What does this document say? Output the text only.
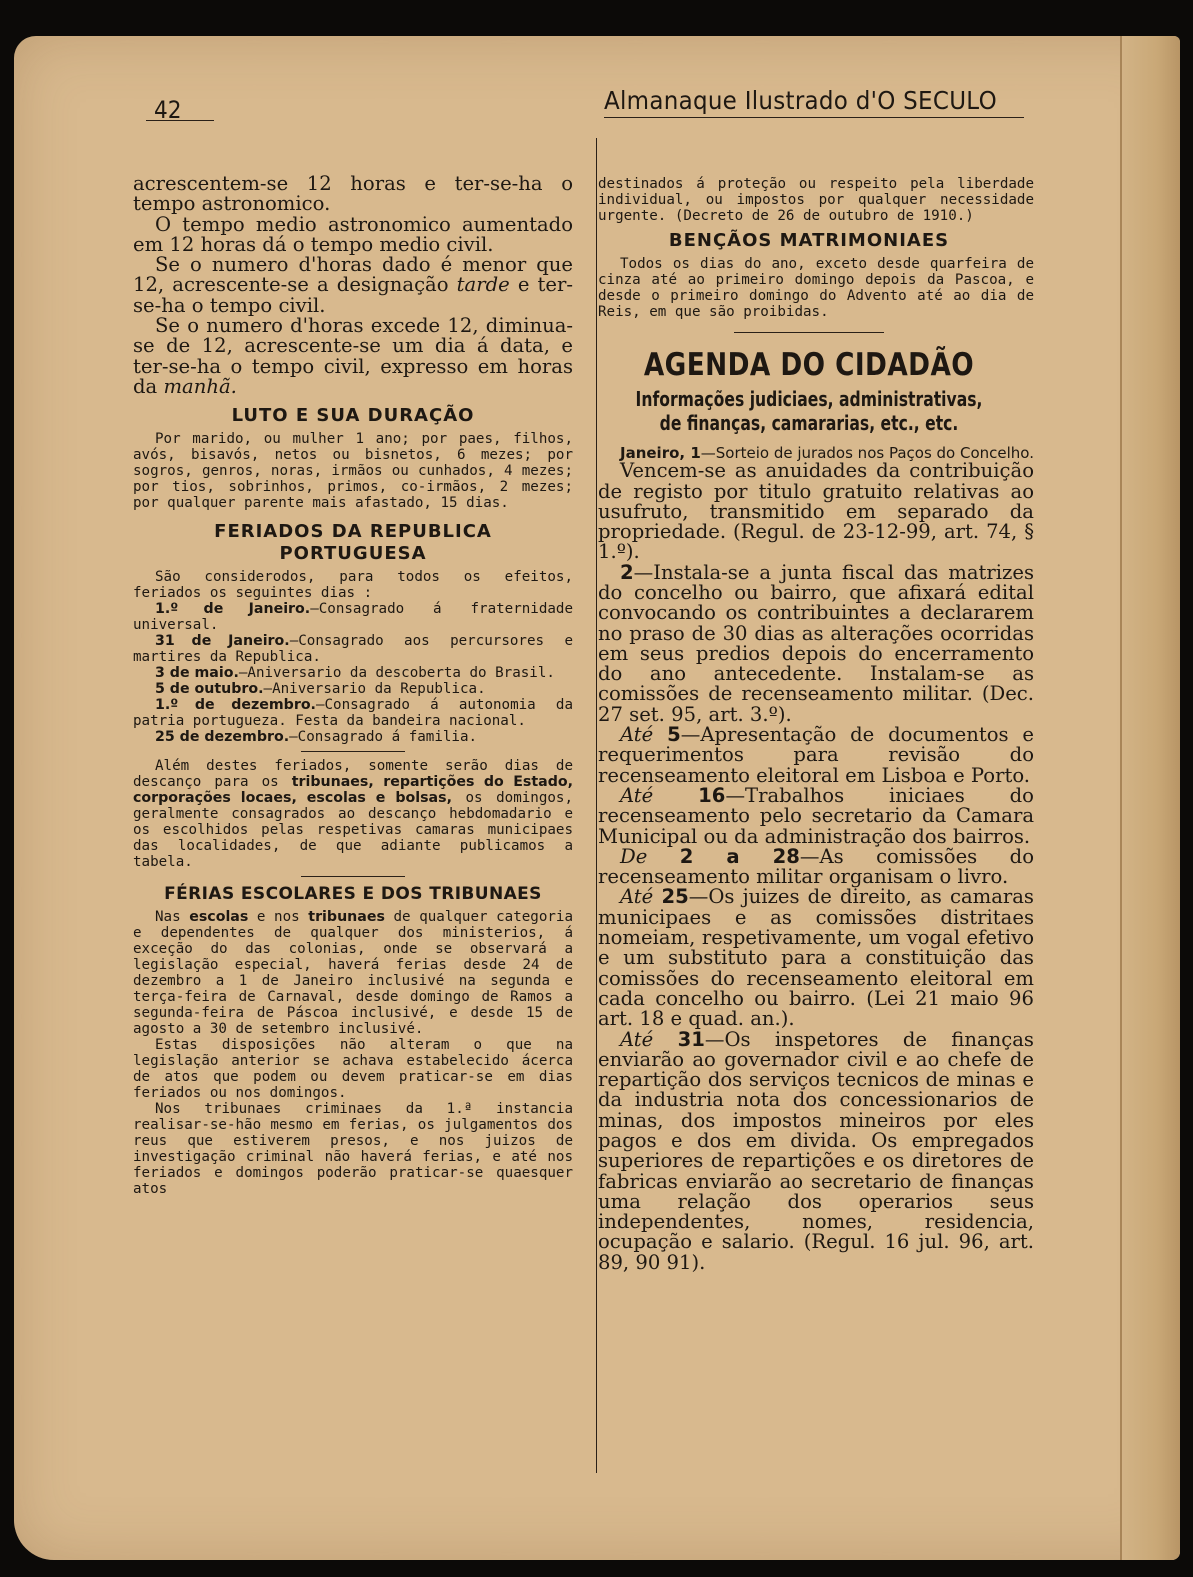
42	Almanaque Ilustrado d'O SECULO

acrescentem-se 12 horas e ter-se-ha o tempo astronomico.

O tempo medio astronomico aumentado em 12 horas dá o tempo medio civil.

Se o numero d'horas dado é menor que 12, acrescente-se a designação tarde e ter-se-ha o tempo civil.

Se o numero d'horas excede 12, diminua-se de 12, acrescente-se um dia á data, e ter-se-ha o tempo civil, expresso em horas da manhã.

LUTO E SUA DURAÇÃO

Por marido, ou mulher 1 ano; por paes, filhos, avós, bisavós, netos ou bisnetos, 6 mezes; por sogros, genros, noras, irmãos ou cunhados, 4 mezes; por tios, sobrinhos, primos, co-irmãos, 2 mezes; por qualquer parente mais afastado, 15 dias.

FERIADOS DA REPUBLICA
PORTUGUESA

São considerodos, para todos os efeitos, feriados os seguintes dias :

1.º de Janeiro.—Consagrado á fraternidade universal.

31 de Janeiro.—Consagrado aos percursores e martires da Republica.

3 de maio.—Aniversario da descoberta do Brasil.

5 de outubro.—Aniversario da Republica.

1.º de dezembro.—Consagrado á autonomia da patria portugueza. Festa da bandeira nacional.

25 de dezembro.—Consagrado á familia.

Além destes feriados, somente serão dias de descanço para os tribunaes, repartições do Estado, corporações locaes, escolas e bolsas, os domingos, geralmente consagrados ao descanço hebdomadario e os escolhidos pelas respetivas camaras municipaes das localidades, de que adiante publicamos a tabela.

FÉRIAS ESCOLARES E DOS TRIBUNAES

Nas escolas e nos tribunaes de qualquer categoria e dependentes de qualquer dos ministerios, á exceção do das colonias, onde se observará a legislação especial, haverá ferias desde 24 de dezembro a 1 de Janeiro inclusivé na segunda e terça-feira de Carnaval, desde domingo de Ramos a segunda-feira de Páscoa inclusivé, e desde 15 de agosto a 30 de setembro inclusivé.

Estas disposições não alteram o que na legislação anterior se achava estabelecido ácerca de atos que podem ou devem praticar-se em dias feriados ou nos domingos.

Nos tribunaes criminaes da 1.ª instancia realisar-se-hão mesmo em ferias, os julgamentos dos reus que estiverem presos, e nos juizos de investigação criminal não haverá ferias, e até nos feriados e domingos poderão praticar-se quaesquer atos

destinados á proteção ou respeito pela liberdade individual, ou impostos por qualquer necessidade urgente. (Decreto de 26 de outubro de 1910.)

BENÇÃOS MATRIMONIAES

Todos os dias do ano, exceto desde quarfeira de cinza até ao primeiro domingo depois da Pascoa, e desde o primeiro domingo do Advento até ao dia de Reis, em que são proibidas.

AGENDA DO CIDADÃO
Informações judiciaes, administrativas, de finanças, camararias, etc., etc.

Janeiro, 1—Sorteio de jurados nos Paços do Concelho.

Vencem-se as anuidades da contribuição de registo por titulo gratuito relativas ao usufruto, transmitido em separado da propriedade. (Regul. de 23-12-99, art. 74, § 1.º).

2—Instala-se a junta fiscal das matrizes do concelho ou bairro, que afixará edital convocando os contribuintes a declararem no praso de 30 dias as alterações ocorridas em seus predios depois do encerramento do ano antecedente. Instalam-se as comissões de recenseamento militar. (Dec. 27 set. 95, art. 3.º).

Até 5—Apresentação de documentos e requerimentos para revisão do recenseamento eleitoral em Lisboa e Porto.

Até 16—Trabalhos iniciaes do recenseamento pelo secretario da Camara Municipal ou da administração dos bairros.

De 2 a 28—As comissões do recenseamento militar organisam o livro.

Até 25—Os juizes de direito, as camaras municipaes e as comissões distritaes nomeiam, respetivamente, um vogal efetivo e um substituto para a constituição das comissões do recenseamento eleitoral em cada concelho ou bairro. (Lei 21 maio 96 art. 18 e quad. an.).

Até 31—Os inspetores de finanças enviarão ao governador civil e ao chefe de repartição dos serviços tecnicos de minas e da industria nota dos concessionarios de minas, dos impostos mineiros por eles pagos e dos em divida. Os empregados superiores de repartições e os diretores de fabricas enviarão ao secretario de finanças uma relação dos operarios seus independentes, nomes, residencia, ocupação e salario. (Regul. 16 jul. 96, art. 89, 90 91).
